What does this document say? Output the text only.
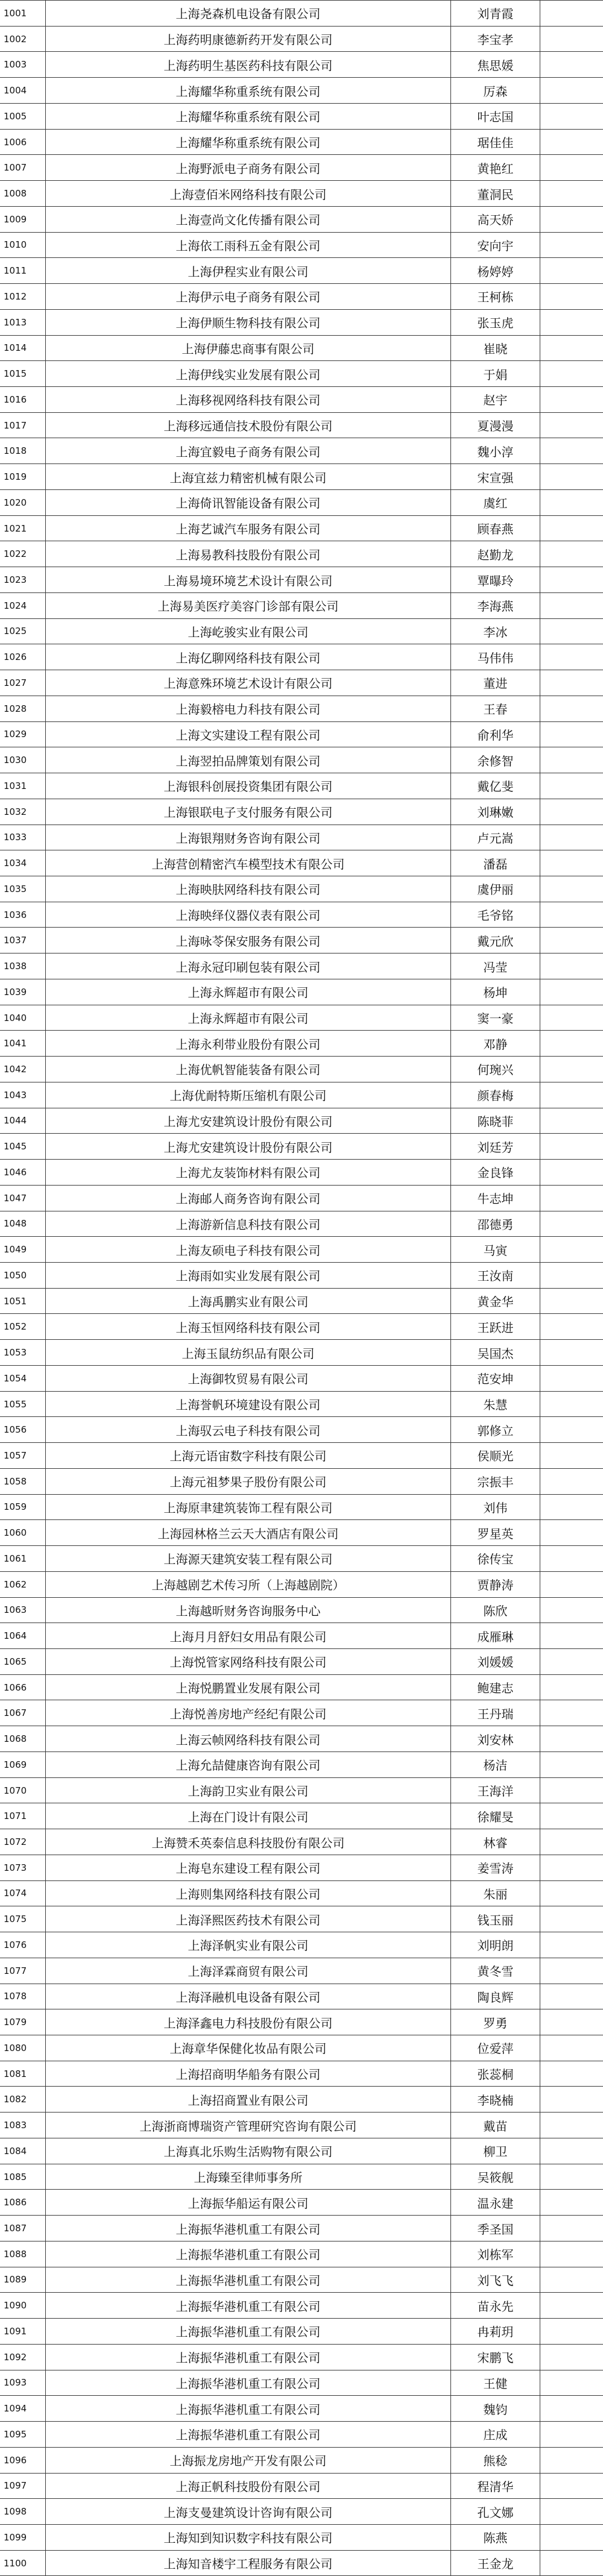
1001	上海尧森机电设备有限公司	刘青霞
1002	上海药明康德新药开发有限公司	李宝孝
1003	上海药明生基医药科技有限公司	焦思媛
1004	上海耀华称重系统有限公司	厉森
1005	上海耀华称重系统有限公司	叶志国
1006	上海耀华称重系统有限公司	琚佳佳
1007	上海野派电子商务有限公司	黄艳红
1008	上海壹佰米网络科技有限公司	董洞民
1009	上海壹尚文化传播有限公司	高天娇
1010	上海依工雨科五金有限公司	安向宇
1011	上海伊程实业有限公司	杨婷婷
1012	上海伊示电子商务有限公司	王柯栋
1013	上海伊顺生物科技有限公司	张玉虎
1014	上海伊藤忠商事有限公司	崔晓
1015	上海伊线实业发展有限公司	于娟
1016	上海移视网络科技有限公司	赵宇
1017	上海移远通信技术股份有限公司	夏漫漫
1018	上海宜毅电子商务有限公司	魏小淳
1019	上海宜兹力精密机械有限公司	宋宣强
1020	上海倚讯智能设备有限公司	虞红
1021	上海艺诚汽车服务有限公司	顾春燕
1022	上海易教科技股份有限公司	赵勤龙
1023	上海易境环境艺术设计有限公司	覃曝玲
1024	上海易美医疗美容门诊部有限公司	李海燕
1025	上海屹骏实业有限公司	李冰
1026	上海亿聊网络科技有限公司	马伟伟
1027	上海意殊环境艺术设计有限公司	董进
1028	上海毅榕电力科技有限公司	王春
1029	上海文实建设工程有限公司	俞利华
1030	上海翌拍品牌策划有限公司	余修智
1031	上海银科创展投资集团有限公司	戴亿斐
1032	上海银联电子支付服务有限公司	刘琳嫩
1033	上海银翔财务咨询有限公司	卢元嵩
1034	上海营创精密汽车模型技术有限公司	潘磊
1035	上海映肤网络科技有限公司	虞伊丽
1036	上海映绎仪器仪表有限公司	毛爷铭
1037	上海咏苓保安服务有限公司	戴元欣
1038	上海永冠印刷包装有限公司	冯莹
1039	上海永辉超市有限公司	杨坤
1040	上海永辉超市有限公司	窦一豪
1041	上海永利带业股份有限公司	邓静
1042	上海优帆智能装备有限公司	何琬兴
1043	上海优耐特斯压缩机有限公司	颜春梅
1044	上海尤安建筑设计股份有限公司	陈晓菲
1045	上海尤安建筑设计股份有限公司	刘廷芳
1046	上海尤友装饰材料有限公司	金良锋
1047	上海邮人商务咨询有限公司	牛志坤
1048	上海游新信息科技有限公司	邵德勇
1049	上海友硕电子科技有限公司	马寅
1050	上海雨如实业发展有限公司	王汝南
1051	上海禹鹏实业有限公司	黄金华
1052	上海玉恒网络科技有限公司	王跃进
1053	上海玉鼠纺织品有限公司	吴国杰
1054	上海御牧贸易有限公司	范安坤
1055	上海誉帆环境建设有限公司	朱慧
1056	上海驭云电子科技有限公司	郭修立
1057	上海元语宙数字科技有限公司	侯顺光
1058	上海元祖梦果子股份有限公司	宗振丰
1059	上海原聿建筑装饰工程有限公司	刘伟
1060	上海园林格兰云天大酒店有限公司	罗星英
1061	上海源天建筑安装工程有限公司	徐传宝
1062	上海越剧艺术传习所（上海越剧院）	贾静涛
1063	上海越昕财务咨询服务中心	陈欣
1064	上海月月舒妇女用品有限公司	成雁琳
1065	上海悦管家网络科技有限公司	刘媛媛
1066	上海悦鹏置业发展有限公司	鲍建志
1067	上海悦善房地产经纪有限公司	王丹瑞
1068	上海云帧网络科技有限公司	刘安林
1069	上海允喆健康咨询有限公司	杨洁
1070	上海韵卫实业有限公司	王海洋
1071	上海在门设计有限公司	徐耀旻
1072	上海赞禾英泰信息科技股份有限公司	林睿
1073	上海皂东建设工程有限公司	姜雪涛
1074	上海则集网络科技有限公司	朱丽
1075	上海泽熙医药技术有限公司	钱玉丽
1076	上海泽帆实业有限公司	刘明朗
1077	上海泽霖商贸有限公司	黄冬雪
1078	上海泽融机电设备有限公司	陶良辉
1079	上海泽鑫电力科技股份有限公司	罗勇
1080	上海章华保健化妆品有限公司	位爱萍
1081	上海招商明华船务有限公司	张蕊桐
1082	上海招商置业有限公司	李晓楠
1083	上海浙商博瑞资产管理研究咨询有限公司	戴苗
1084	上海真北乐购生活购物有限公司	柳卫
1085	上海臻至律师事务所	吴筱舰
1086	上海振华船运有限公司	温永建
1087	上海振华港机重工有限公司	季圣国
1088	上海振华港机重工有限公司	刘栋军
1089	上海振华港机重工有限公司	刘飞飞
1090	上海振华港机重工有限公司	苗永先
1091	上海振华港机重工有限公司	冉莉玥
1092	上海振华港机重工有限公司	宋鹏飞
1093	上海振华港机重工有限公司	王健
1094	上海振华港机重工有限公司	魏钧
1095	上海振华港机重工有限公司	庄成
1096	上海振龙房地产开发有限公司	熊稔
1097	上海正帆科技股份有限公司	程清华
1098	上海支曼建筑设计咨询有限公司	孔文娜
1099	上海知到知识数字科技有限公司	陈燕
1100	上海知音楼宇工程服务有限公司	王金龙
